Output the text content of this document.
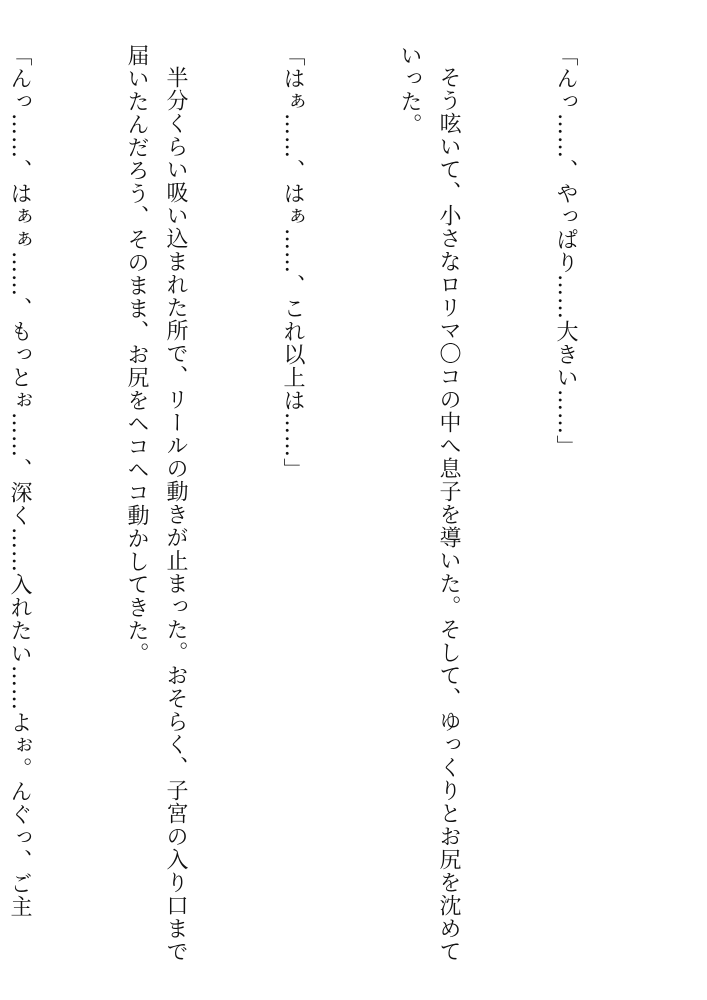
「んっ……、やっぱり……大きい……」

そう呟いて、小さなロリマ〇コの中へ息子を導いた。そして、ゆっくりとお尻を沈めていった。

「はぁ……、はぁ……、これ以上は……」

半分くらい吸い込まれた所で、リールの動きが止まった。おそらく、子宮の入り口まで届いたんだろう、そのまま、お尻をヘコヘコ動かしてきた。

「んっ……、はぁぁ……、もっとぉ……、深く……入れたい……よぉ。んぐっ、ご主
